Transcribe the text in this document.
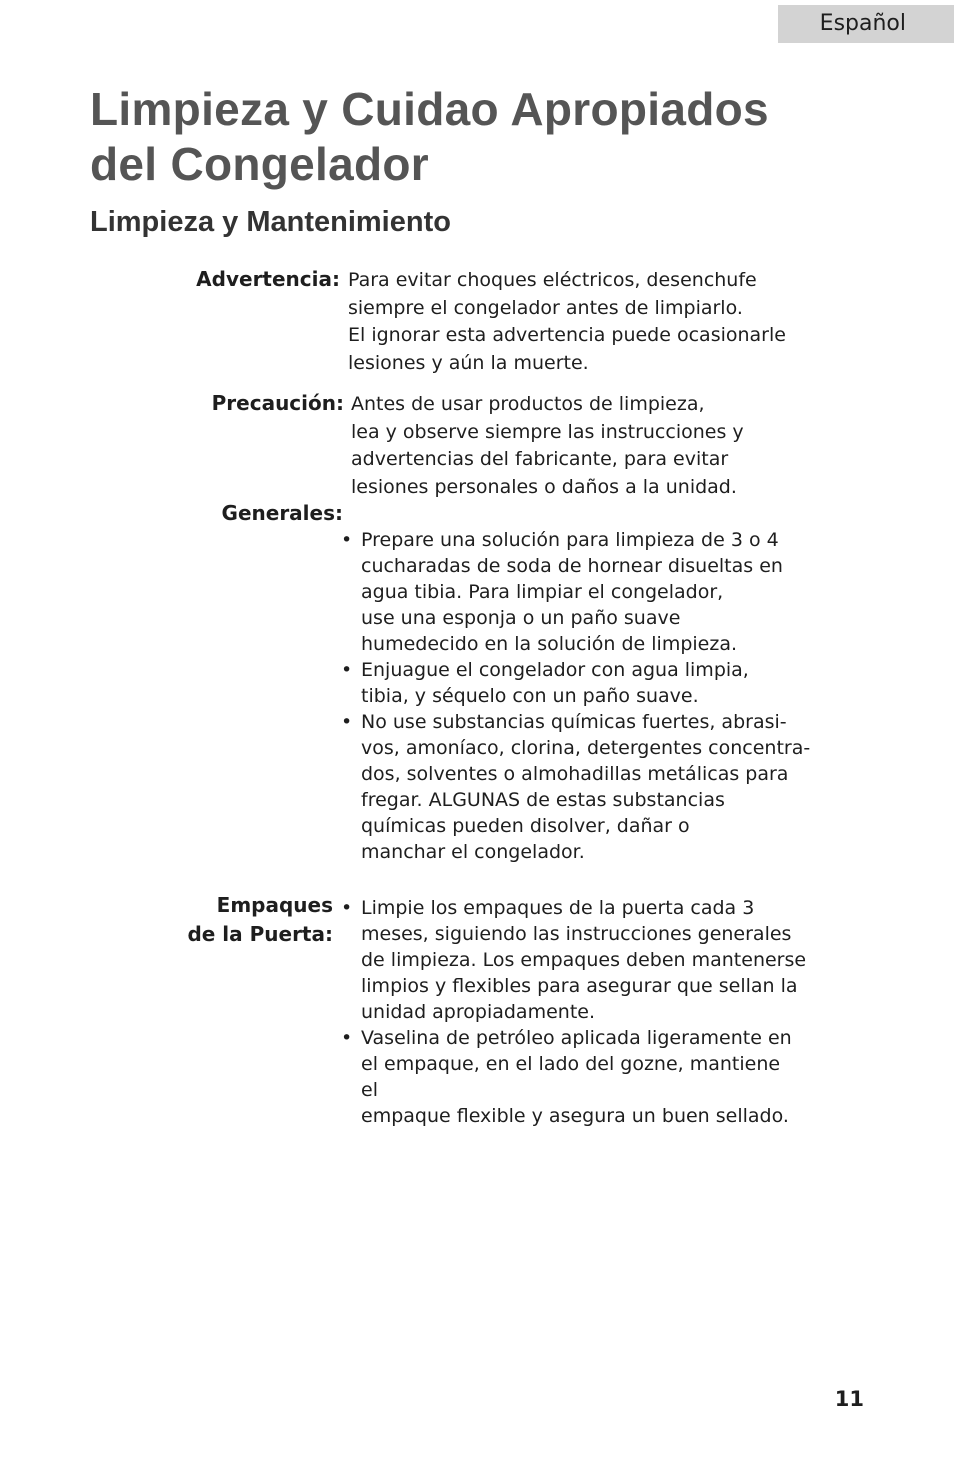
Español
Limpieza y Cuidao Apropiados
del Congelador
Limpieza y Mantenimiento
Advertencia: Para evitar choques eléctricos, desenchufe
siempre el congelador antes de limpiarlo.
El ignorar esta advertencia puede ocasionarle
lesiones y aún la muerte.
Precaución: Antes de usar productos de limpieza,
lea y observe siempre las instrucciones y
advertencias del fabricante, para evitar
lesiones personales o daños a la unidad.
Generales:
• Prepare una solución para limpieza de 3 o 4
cucharadas de soda de hornear disueltas en
agua tibia. Para limpiar el congelador,
use una esponja o un paño suave
humedecido en la solución de limpieza.
• Enjuague el congelador con agua limpia,
tibia, y séquelo con un paño suave.
• No use substancias químicas fuertes, abrasi-
vos, amoníaco, clorina, detergentes concentra-
dos, solventes o almohadillas metálicas para
fregar. ALGUNAS de estas substancias
químicas pueden disolver, dañar o
manchar el congelador.
Empaques
de la Puerta:
• Limpie los empaques de la puerta cada 3
meses, siguiendo las instrucciones generales
de limpieza. Los empaques deben mantenerse
limpios y flexibles para asegurar que sellan la
unidad apropiadamente.
• Vaselina de petróleo aplicada ligeramente en
el empaque, en el lado del gozne, mantiene
el
empaque flexible y asegura un buen sellado.
11
